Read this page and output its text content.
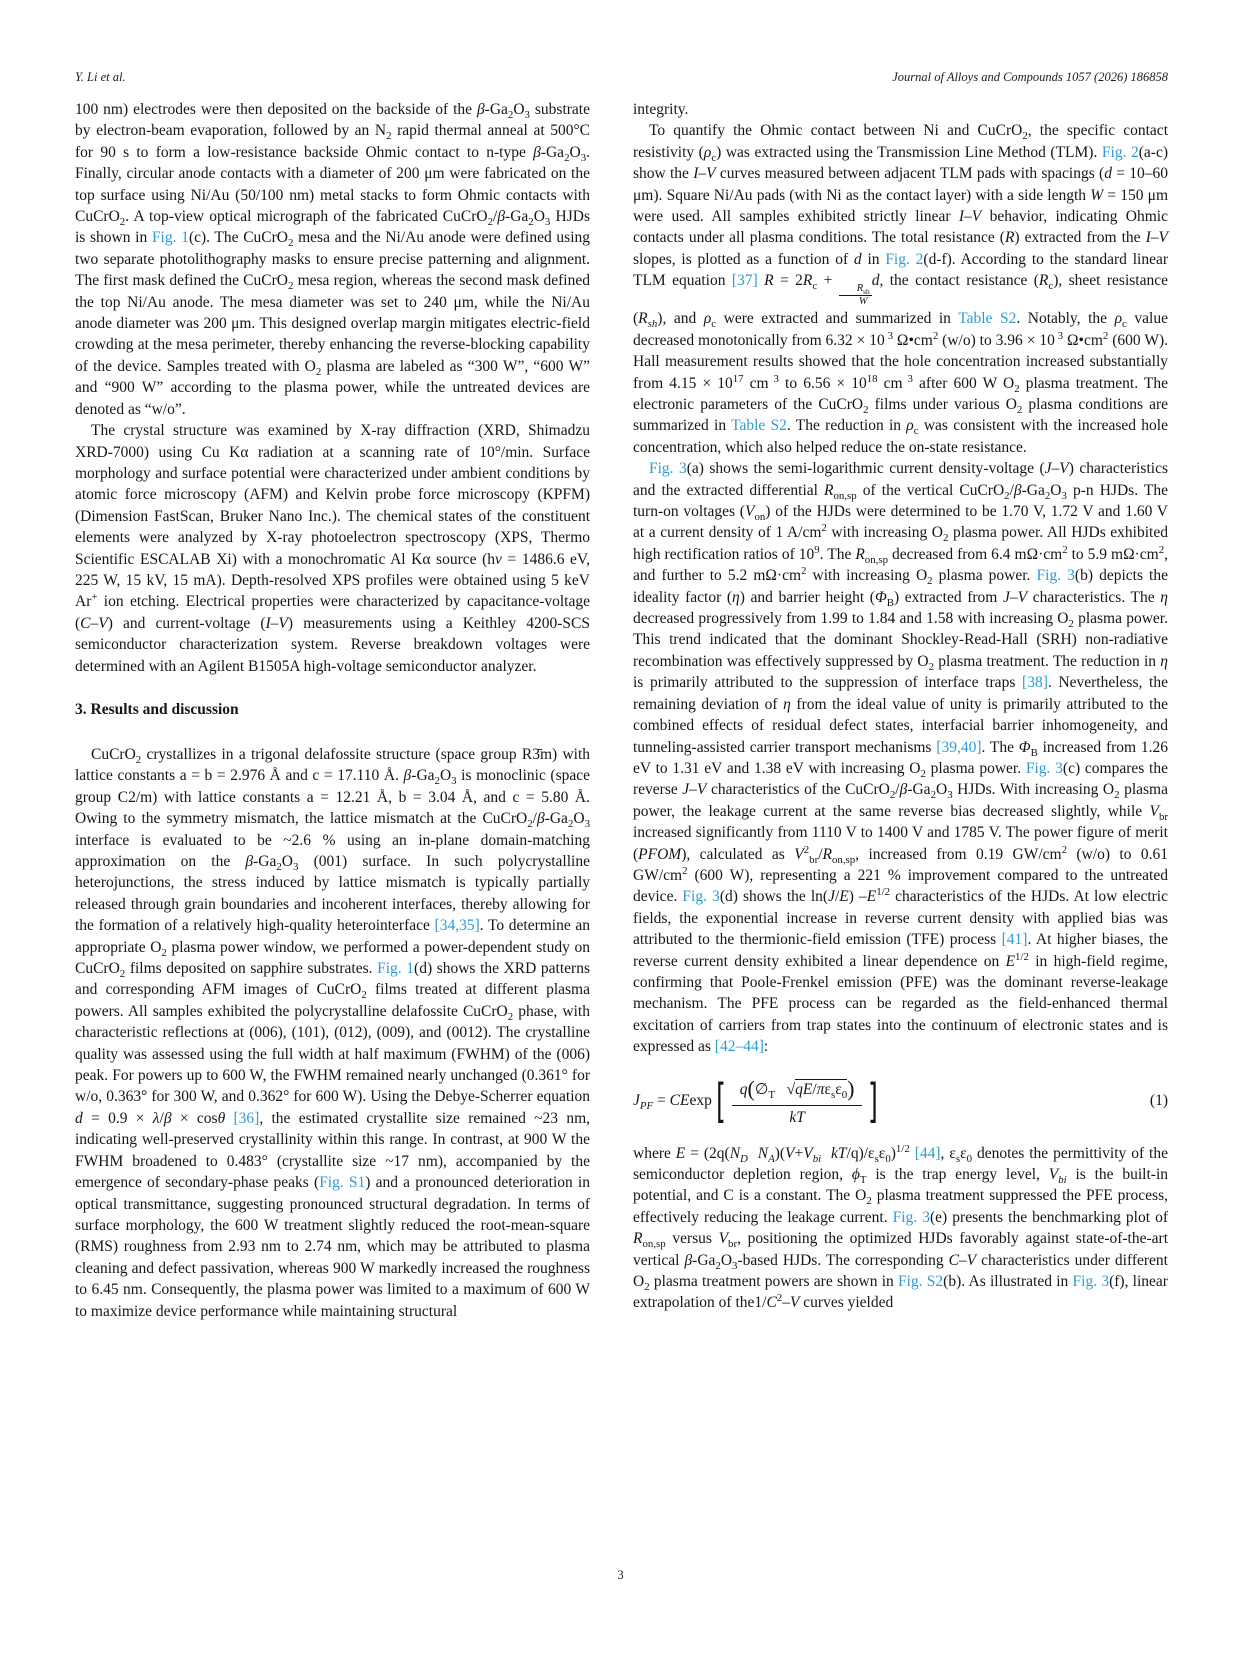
Y. Li et al.	Journal of Alloys and Compounds 1057 (2026) 186858

100 nm) electrodes were then deposited on the backside of the $\beta-Ga_2O_3$ substrate by electron-beam evaporation, followed by an $N_2$ rapid thermal anneal at 500°C for 90 s to form a low-resistance backside Ohmic contact to n-type $\beta-Ga_2O_3$. Finally, circular anode contacts with a diameter of 200 μm were fabricated on the top surface using Ni/Au (50/100 nm) metal stacks to form Ohmic contacts with CuCrO$_2$. A top-view optical micrograph of the fabricated $CuCrO_2/\beta-Ga_2O_3$ HJDs is shown in Fig. 1(c). The CuCrO$_2$ mesa and the Ni/Au anode were defined using two separate photolithography masks to ensure precise patterning and alignment. The first mask defined the CuCrO$_2$ mesa region, whereas the second mask defined the top Ni/Au anode. The mesa diameter was set to 240 μm, while the Ni/Au anode diameter was 200 μm. This designed overlap margin mitigates electric-field crowding at the mesa perimeter, thereby enhancing the reverse-blocking capability of the device. Samples treated with $O_2$ plasma are labeled as “300 W”, “600 W” and “900 W” according to the plasma power, while the untreated devices are denoted as “w/o”.

The crystal structure was examined by X-ray diffraction (XRD, Shimadzu XRD-7000) using Cu Kα radiation at a scanning rate of 10°/min. Surface morphology and surface potential were characterized under ambient conditions by atomic force microscopy (AFM) and Kelvin probe force microscopy (KPFM) (Dimension FastScan, Bruker Nano Inc.). The chemical states of the constituent elements were analyzed by X-ray photoelectron spectroscopy (XPS, Thermo Scientific ESCALAB Xi) with a monochromatic Al Kα source (hν = 1486.6 eV, 225 W, 15 kV, 15 mA). Depth-resolved XPS profiles were obtained using 5 keV Ar+ ion etching. Electrical properties were characterized by capacitance-voltage (C–V) and current-voltage (I–V) measurements using a Keithley 4200-SCS semiconductor characterization system. Reverse breakdown voltages were determined with an Agilent B1505A high-voltage semiconductor analyzer.

3. Results and discussion

CuCrO$_2$ crystallizes in a trigonal delafossite structure (space group R3̄m) with lattice constants a = b = 2.976 Å and c = 17.110 Å. $\beta-Ga_2O_3$ is monoclinic (space group C2/m) with lattice constants a = 12.21 Å, b = 3.04 Å, and c = 5.80 Å. Owing to the symmetry mismatch, the lattice mismatch at the $CuCrO_2/\beta-Ga_2O_3$ interface is evaluated to be ~2.6 % using an in-plane domain-matching approximation on the $\beta-Ga_2O_3$ (001) surface. In such polycrystalline heterojunctions, the stress induced by lattice mismatch is typically partially released through grain boundaries and incoherent interfaces, thereby allowing for the formation of a relatively high-quality heterointerface [34,35]. To determine an appropriate $O_2$ plasma power window, we performed a power-dependent study on CuCrO$_2$ films deposited on sapphire substrates. Fig. 1(d) shows the XRD patterns and corresponding AFM images of CuCrO$_2$ films treated at different plasma powers. All samples exhibited the polycrystalline delafossite CuCrO$_2$ phase, with characteristic reflections at (006), (101), (012), (009), and (0012). The crystalline quality was assessed using the full width at half maximum (FWHM) of the (006) peak. For powers up to 600 W, the FWHM remained nearly unchanged (0.361° for w/o, 0.363° for 300 W, and 0.362° for 600 W). Using the Debye-Scherrer equation d = 0.9 × λ/β × cosθ [36], the estimated crystallite size remained ~23 nm, indicating well-preserved crystallinity within this range. In contrast, at 900 W the FWHM broadened to 0.483° (crystallite size ~17 nm), accompanied by the emergence of secondary-phase peaks (Fig. S1) and a pronounced deterioration in optical transmittance, suggesting pronounced structural degradation. In terms of surface morphology, the 600 W treatment slightly reduced the root-mean-square (RMS) roughness from 2.93 nm to 2.74 nm, which may be attributed to plasma cleaning and defect passivation, whereas 900 W markedly increased the roughness to 6.45 nm. Consequently, the plasma power was limited to a maximum of 600 W to maximize device performance while maintaining structural

integrity.

To quantify the Ohmic contact between Ni and CuCrO$_2$, the specific contact resistivity $(\rho_c)$ was extracted using the Transmission Line Method (TLM). Fig. 2(a-c) show the I–V curves measured between adjacent TLM pads with spacings (d = 10–60 μm). Square Ni/Au pads (with Ni as the contact layer) with a side length W = 150 μm were used. All samples exhibited strictly linear I–V behavior, indicating Ohmic contacts under all plasma conditions. The total resistance (R) extracted from the I–V slopes, is plotted as a function of d in Fig. 2(d-f). According to the standard linear TLM equation [37] $R = 2R_c$ +
$\frac{R_{sh}}{W}$
d, the contact resistance $(R_c)$, sheet resistance $(R_{sh})$, and $\rho_c$ were extracted and summarized in Table S2. Notably, the $\rho_c$ value decreased monotonically from 6.32 × 10 $^3$ $\Omega•cm^2$ (w/o) to 3.96 × 10 $^3$ $\Omega•cm^2$ (600 W). Hall measurement results showed that the hole concentration increased substantially from $4.15 \times 10^{17}$ cm $^3$ to $6.56 \times 10^{18}$ cm $^3$ after 600 W $O_2$ plasma treatment. The electronic parameters of the CuCrO$_2$ films under various $O_2$ plasma conditions are summarized in Table S2. The reduction in $\rho_c$ was consistent with the increased hole concentration, which also helped reduce the on-state resistance.

Fig. 3(a) shows the semi-logarithmic current density-voltage (J–V) characteristics and the extracted differential $R_{on,sp}$ of the vertical $CuCrO_2/\beta-Ga_2O_3$ p-n HJDs. The turn-on voltages $(V_{on})$ of the HJDs were determined to be 1.70 V, 1.72 V and 1.60 V at a current density of 1 $A/cm^2$ with increasing $O_2$ plasma power. All HJDs exhibited high rectification ratios of $10^9$. The $R_{on,sp}$ decreased from 6.4 $m\Omega\cdot cm^2$ to 5.9 $m\Omega\cdot cm^2$, and further to 5.2 $m\Omega\cdot cm^2$ with increasing $O_2$ plasma power. Fig. 3(b) depicts the ideality factor (η) and barrier height $(\Phi_B)$ extracted from J–V characteristics. The η decreased progressively from 1.99 to 1.84 and 1.58 with increasing $O_2$ plasma power. This trend indicated that the dominant Shockley-Read-Hall (SRH) non-radiative recombination was effectively suppressed by $O_2$ plasma treatment. The reduction in η is primarily attributed to the suppression of interface traps [38]. Nevertheless, the remaining deviation of η from the ideal value of unity is primarily attributed to the combined effects of residual defect states, interfacial barrier inhomogeneity, and tunneling-assisted carrier transport mechanisms [39,40]. The $\Phi_B$ increased from 1.26 eV to 1.31 eV and 1.38 eV with increasing $O_2$ plasma power. Fig. 3(c) compares the reverse J–V characteristics of the $CuCrO_2/\beta-Ga_2O_3$ HJDs. With increasing $O_2$ plasma power, the leakage current at the same reverse bias decreased slightly, while $V_{br}$ increased significantly from 1110 V to 1400 V and 1785 V. The power figure of merit (PFOM), calculated as $V^2_{br}/R_{on,sp}$, increased from 0.19 $GW/cm^2$ (w/o) to 0.61 $GW/cm^2$ (600 W), representing a 221 % improvement compared to the untreated device. Fig. 3(d) shows the ln(J/E) $-E^{1/2}$ characteristics of the HJDs. At low electric fields, the exponential increase in reverse current density with applied bias was attributed to the thermionic-field emission (TFE) process [41]. At higher biases, the reverse current density exhibited a linear dependence on $E^{1/2}$ in high-field regime, confirming that Poole-Frenkel emission (PFE) was the dominant reverse-leakage mechanism. The PFE process can be regarded as the field-enhanced thermal excitation of carriers from trap states into the continuum of electronic states and is expressed as [42–44]:

$J_{PF} = CEexp$ [ $\frac{q(\emptyset_T √qE/\pi\varepsilon_s\varepsilon_0)}{kT}$ ]	(1)

where $E = (2q(N_D$ $N_A)(V+V_{bi}$ $kT/q)/\varepsilon_s\varepsilon_0)^{1/2}$ [44], $\varepsilon_s\varepsilon_0$ denotes the permittivity of the semiconductor depletion region, $\phi_T$ is the trap energy level, $V_{bi}$ is the built-in potential, and C is a constant. The $O_2$ plasma treatment suppressed the PFE process, effectively reducing the leakage current. Fig. 3(e) presents the benchmarking plot of $R_{on,sp}$ versus $V_{br}$, positioning the optimized HJDs favorably against state-of-the-art vertical $\beta-Ga_2O_3$-based HJDs. The corresponding C–V characteristics under different $O_2$ plasma treatment powers are shown in Fig. S2(b). As illustrated in Fig. 3(f), linear extrapolation of $the1/C^2-V$ curves yielded

3
